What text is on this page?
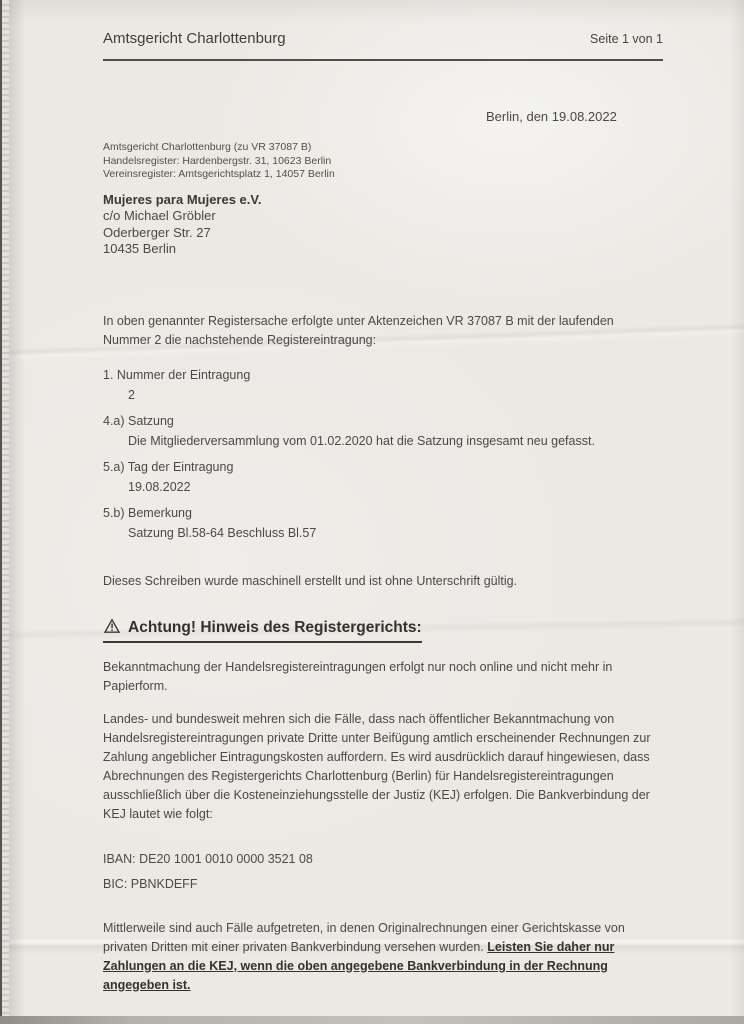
Amtsgericht Charlottenburg	Seite 1 von 1
Berlin, den 19.08.2022
Amtsgericht Charlottenburg (zu VR 37087 B)
Handelsregister: Hardenbergstr. 31, 10623 Berlin
Vereinsregister: Amtsgerichtsplatz 1, 14057 Berlin
Mujeres para Mujeres e.V.
c/o Michael Gröbler
Oderberger Str. 27
10435 Berlin

In oben genannter Registersache erfolgte unter Aktenzeichen VR 37087 B mit der laufenden Nummer 2 die nachstehende Registereintragung:

1. Nummer der Eintragung
2
4.a) Satzung
Die Mitgliederversammlung vom 01.02.2020 hat die Satzung insgesamt neu gefasst.
5.a) Tag der Eintragung
19.08.2022
5.b) Bemerkung
Satzung Bl.58-64 Beschluss Bl.57

Dieses Schreiben wurde maschinell erstellt und ist ohne Unterschrift gültig.

Achtung! Hinweis des Registergerichts:

Bekanntmachung der Handelsregistereintragungen erfolgt nur noch online und nicht mehr in Papierform.

Landes- und bundesweit mehren sich die Fälle, dass nach öffentlicher Bekanntmachung von Handelsregistereintragungen private Dritte unter Beifügung amtlich erscheinender Rechnungen zur Zahlung angeblicher Eintragungskosten auffordern. Es wird ausdrücklich darauf hingewiesen, dass Abrechnungen des Registergerichts Charlottenburg (Berlin) für Handelsregistereintragungen ausschließlich über die Kosteneinziehungsstelle der Justiz (KEJ) erfolgen. Die Bankverbindung der KEJ lautet wie folgt:

IBAN: DE20 1001 0010 0000 3521 08

BIC: PBNKDEFF

Mittlerweile sind auch Fälle aufgetreten, in denen Originalrechnungen einer Gerichtskasse von privaten Dritten mit einer privaten Bankverbindung versehen wurden. Leisten Sie daher nur Zahlungen an die KEJ, wenn die oben angegebene Bankverbindung in der Rechnung angegeben ist.
